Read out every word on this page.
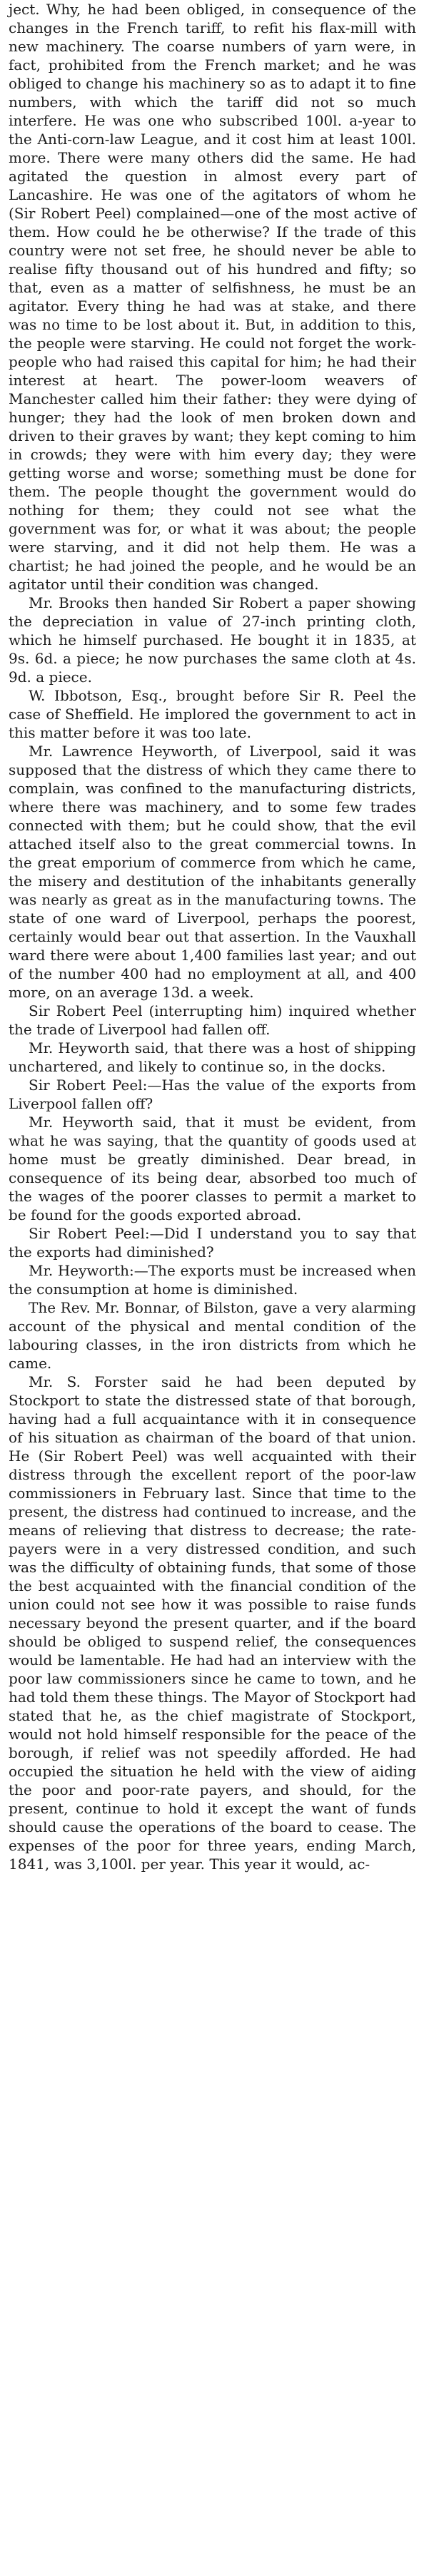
ject. Why, he had been obliged, in consequence of the changes in the French tariff, to refit his flax-mill with new machinery. The coarse numbers of yarn were, in fact, prohibited from the French market; and he was obliged to change his machinery so as to adapt it to fine numbers, with which the tariff did not so much interfere. He was one who subscribed 100l. a-year to the Anti-corn-law League, and it cost him at least 100l. more. There were many others did the same. He had agitated the question in almost every part of Lancashire. He was one of the agitators of whom he (Sir Robert Peel) complained—one of the most active of them. How could he be otherwise? If the trade of this country were not set free, he should never be able to realise fifty thousand out of his hundred and fifty; so that, even as a matter of selfishness, he must be an agitator. Every thing he had was at stake, and there was no time to be lost about it. But, in addition to this, the people were starving. He could not forget the work-people who had raised this capital for him; he had their interest at heart. The power-loom weavers of Manchester called him their father: they were dying of hunger; they had the look of men broken down and driven to their graves by want; they kept coming to him in crowds; they were with him every day; they were getting worse and worse; something must be done for them. The people thought the government would do nothing for them; they could not see what the government was for, or what it was about; the people were starving, and it did not help them. He was a chartist; he had joined the people, and he would be an agitator until their condition was changed.

Mr. Brooks then handed Sir Robert a paper showing the depreciation in value of 27-inch printing cloth, which he himself purchased. He bought it in 1835, at 9s. 6d. a piece; he now purchases the same cloth at 4s. 9d. a piece.

W. Ibbotson, Esq., brought before Sir R. Peel the case of Sheffield. He implored the government to act in this matter before it was too late.

Mr. Lawrence Heyworth, of Liverpool, said it was supposed that the distress of which they came there to complain, was confined to the manufacturing districts, where there was machinery, and to some few trades connected with them; but he could show, that the evil attached itself also to the great commercial towns. In the great emporium of commerce from which he came, the misery and destitution of the inhabitants generally was nearly as great as in the manufacturing towns. The state of one ward of Liverpool, perhaps the poorest, certainly would bear out that assertion. In the Vauxhall ward there were about 1,400 families last year; and out of the number 400 had no employment at all, and 400 more, on an average 13d. a week.

Sir Robert Peel (interrupting him) inquired whether the trade of Liverpool had fallen off.

Mr. Heyworth said, that there was a host of shipping unchartered, and likely to continue so, in the docks.

Sir Robert Peel:—Has the value of the exports from Liverpool fallen off?

Mr. Heyworth said, that it must be evident, from what he was saying, that the quantity of goods used at home must be greatly diminished. Dear bread, in consequence of its being dear, absorbed too much of the wages of the poorer classes to permit a market to be found for the goods exported abroad.

Sir Robert Peel:—Did I understand you to say that the exports had diminished?

Mr. Heyworth:—The exports must be increased when the consumption at home is diminished.

The Rev. Mr. Bonnar, of Bilston, gave a very alarming account of the physical and mental condition of the labouring classes, in the iron districts from which he came.

Mr. S. Forster said he had been deputed by Stockport to state the distressed state of that borough, having had a full acquaintance with it in consequence of his situation as chairman of the board of that union. He (Sir Robert Peel) was well acquainted with their distress through the excellent report of the poor-law commissioners in February last. Since that time to the present, the distress had continued to increase, and the means of relieving that distress to decrease; the rate-payers were in a very distressed condition, and such was the difficulty of obtaining funds, that some of those the best acquainted with the financial condition of the union could not see how it was possible to raise funds necessary beyond the present quarter, and if the board should be obliged to suspend relief, the consequences would be lamentable. He had had an interview with the poor law commissioners since he came to town, and he had told them these things. The Mayor of Stockport had stated that he, as the chief magistrate of Stockport, would not hold himself responsible for the peace of the borough, if relief was not speedily afforded. He had occupied the situation he held with the view of aiding the poor and poor-rate payers, and should, for the present, continue to hold it except the want of funds should cause the operations of the board to cease. The expenses of the poor for three years, ending March, 1841, was 3,100l. per year. This year it would, ac-
